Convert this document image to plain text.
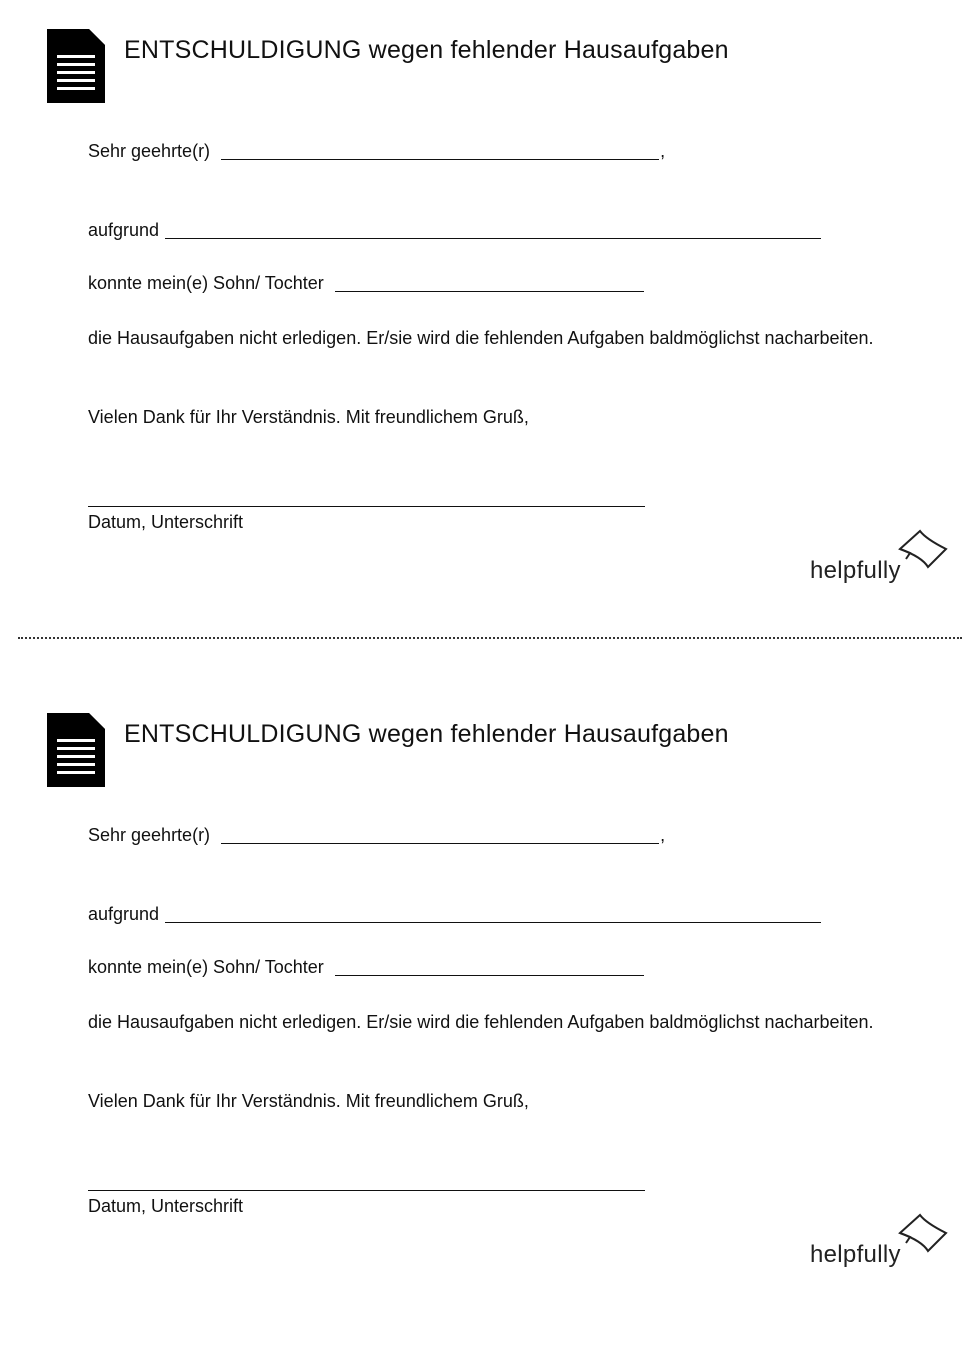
ENTSCHULDIGUNG wegen fehlender Hausaufgaben
Sehr geehrte(r)	,
aufgrund
konnte mein(e) Sohn/ Tochter
die Hausaufgaben nicht erledigen. Er/sie wird die fehlenden Aufgaben baldmöglichst nacharbeiten.
Vielen Dank für Ihr Verständnis. Mit freundlichem Gruß,
Datum, Unterschrift
helpfully
ENTSCHULDIGUNG wegen fehlender Hausaufgaben
Sehr geehrte(r)	,
aufgrund
konnte mein(e) Sohn/ Tochter
die Hausaufgaben nicht erledigen. Er/sie wird die fehlenden Aufgaben baldmöglichst nacharbeiten.
Vielen Dank für Ihr Verständnis. Mit freundlichem Gruß,
Datum, Unterschrift
helpfully
